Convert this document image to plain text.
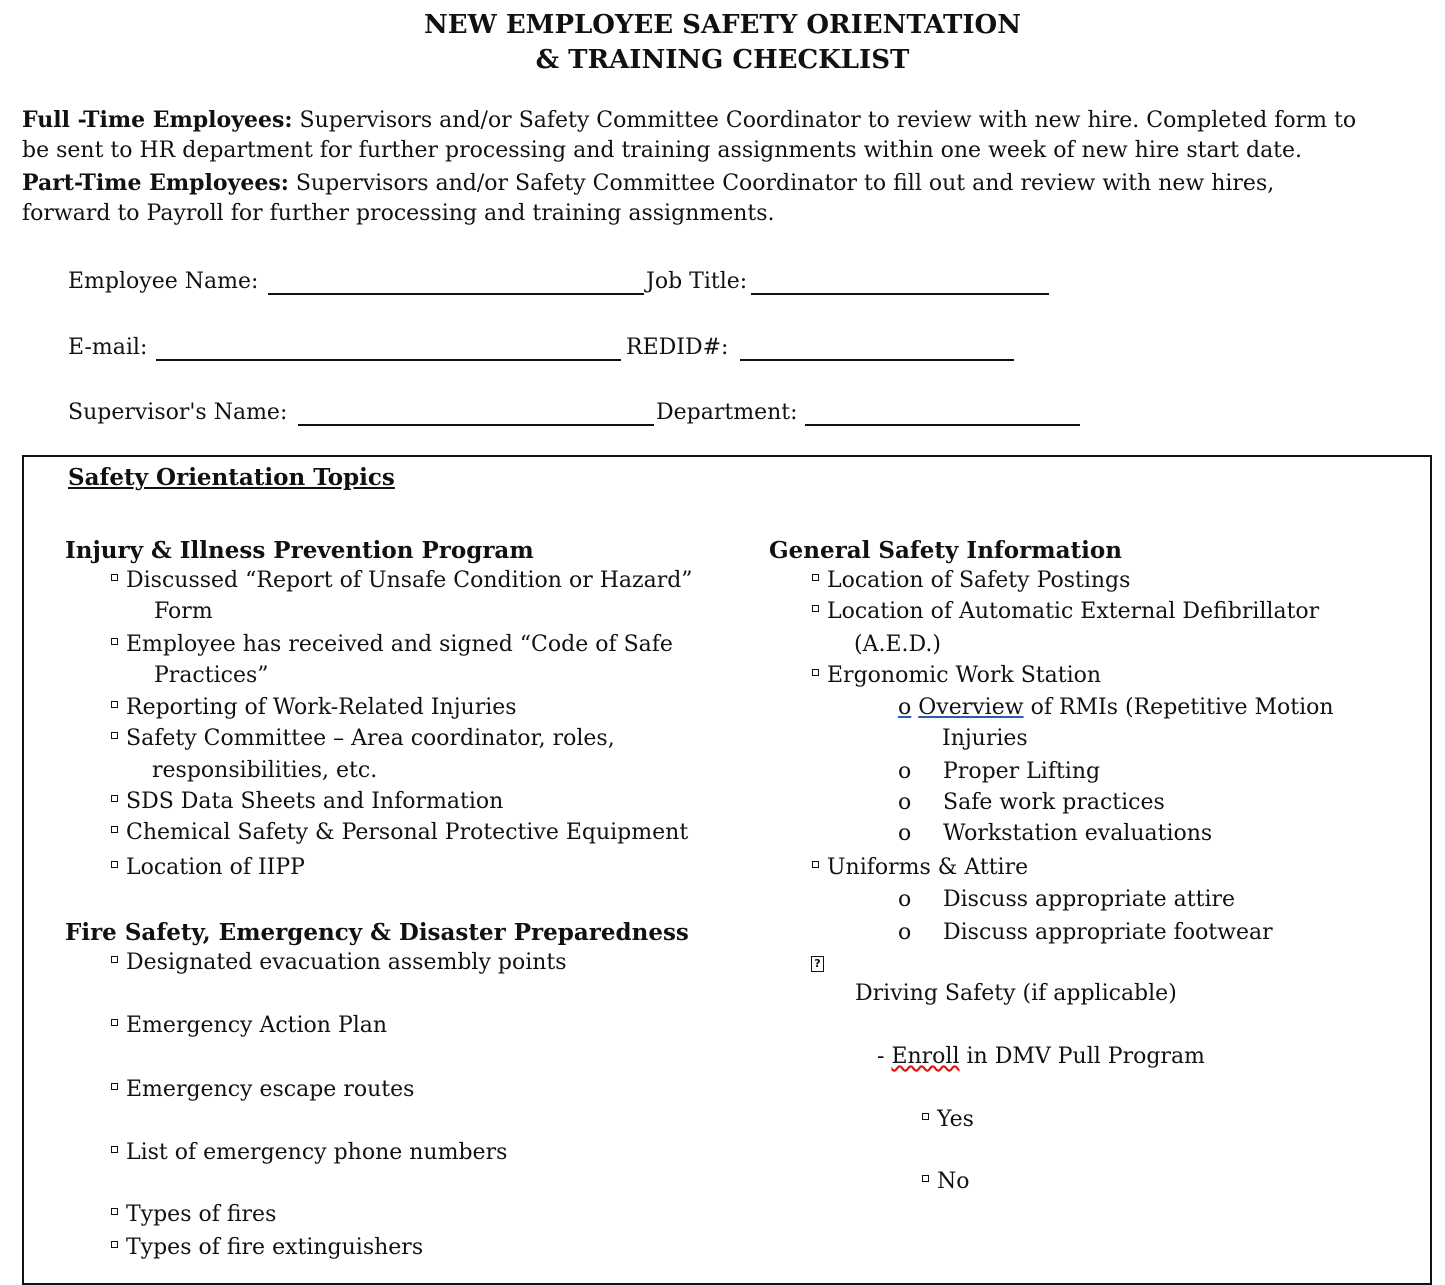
NEW EMPLOYEE SAFETY ORIENTATION
& TRAINING CHECKLIST
Full -Time Employees: Supervisors and/or Safety Committee Coordinator to review with new hire. Completed form to
be sent to HR department for further processing and training assignments within one week of new hire start date.
Part-Time Employees: Supervisors and/or Safety Committee Coordinator to fill out and review with new hires,
forward to Payroll for further processing and training assignments.
Employee Name:	Job Title:
E-mail:	REDID#:
Supervisor's Name:	Department:
Safety Orientation Topics
Injury & Illness Prevention Program
Discussed “Report of Unsafe Condition or Hazard”
Form
Employee has received and signed “Code of Safe
Practices”
Reporting of Work-Related Injuries
Safety Committee – Area coordinator, roles,
responsibilities, etc.
SDS Data Sheets and Information
Chemical Safety & Personal Protective Equipment
Location of IIPP
Fire Safety, Emergency & Disaster Preparedness
Designated evacuation assembly points
Emergency Action Plan
Emergency escape routes
List of emergency phone numbers
Types of fires
Types of fire extinguishers
General Safety Information
Location of Safety Postings
Location of Automatic External Defibrillator
(A.E.D.)
Ergonomic Work Station
o Overview of RMIs (Repetitive Motion
Injuries
o Proper Lifting
o Safe work practices
o Workstation evaluations
Uniforms & Attire
o Discuss appropriate attire
o Discuss appropriate footwear
?
Driving Safety (if applicable)
- Enroll in DMV Pull Program
Yes
No
